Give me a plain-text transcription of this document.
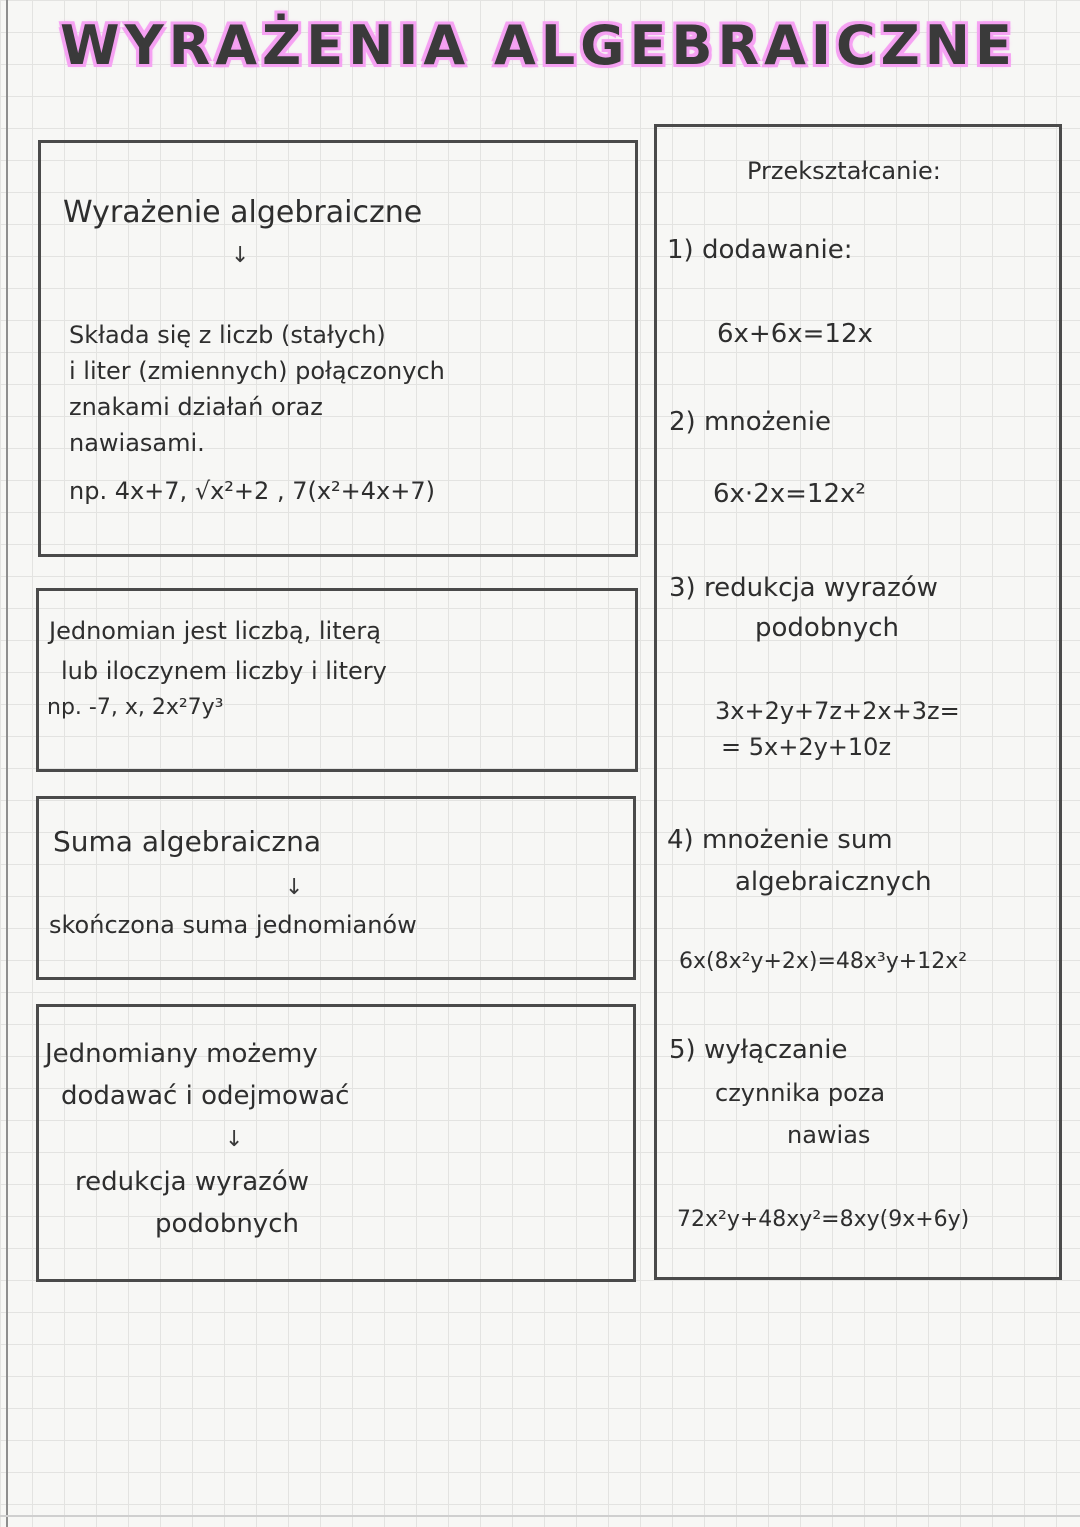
WYRAŻENIA ALGEBRAICZNE
Wyrażenie algebraiczne
↓
Składa się z liczb (stałych)
i liter (zmiennych) połączonych
znakami działań oraz
nawiasami.
np. 4x+7, √x²+2 , 7(x²+4x+7)
Jednomian jest liczbą, literą
lub iloczynem liczby i litery
np. -7, x, 2x²7y³
Suma algebraiczna
↓
skończona suma jednomianów
Jednomiany możemy
dodawać i odejmować
↓
redukcja wyrazów
podobnych
Przekształcanie:
1) dodawanie:
6x+6x=12x
2) mnożenie
6x·2x=12x²
3) redukcja wyrazów
podobnych
3x+2y+7z+2x+3z=
= 5x+2y+10z
4) mnożenie sum
algebraicznych
6x(8x²y+2x)=48x³y+12x²
5) wyłączanie
czynnika poza
nawias
72x²y+48xy²=8xy(9x+6y)
